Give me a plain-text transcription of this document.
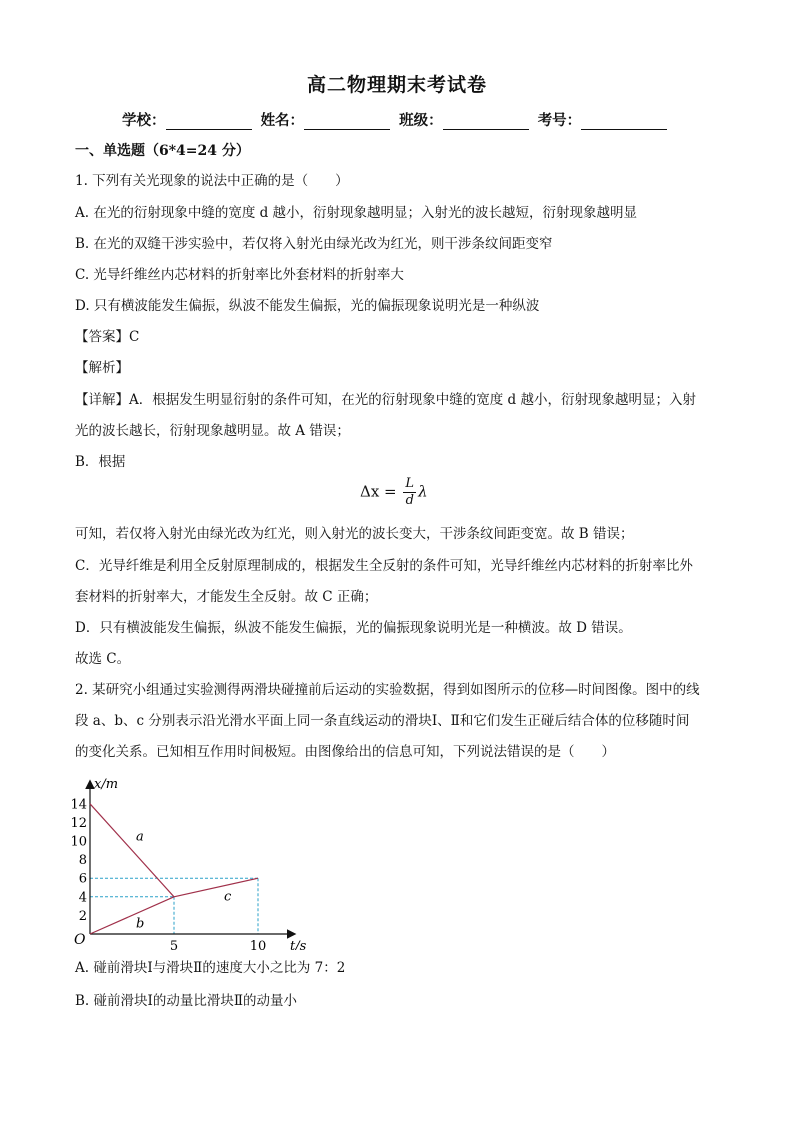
高二物理期末考试卷
学校：	姓名：	班级：	考号：
一、单选题（6*4=24 分）
1. 下列有关光现象的说法中正确的是（　　）
A. 在光的衍射现象中缝的宽度 d 越小，衍射现象越明显；入射光的波长越短，衍射现象越明显
B. 在光的双缝干涉实验中，若仅将入射光由绿光改为红光，则干涉条纹间距变窄
C. 光导纤维丝内芯材料的折射率比外套材料的折射率大
D. 只有横波能发生偏振，纵波不能发生偏振，光的偏振现象说明光是一种纵波
【答案】C
【解析】
【详解】A．根据发生明显衍射的条件可知，在光的衍射现象中缝的宽度 d 越小，衍射现象越明显；入射
光的波长越长，衍射现象越明显。故 A 错误；
B．根据
$\Delta x = \frac{L}{d}$ λ
可知，若仅将入射光由绿光改为红光，则入射光的波长变大，干涉条纹间距变宽。故 B 错误；
C．光导纤维是利用全反射原理制成的，根据发生全反射的条件可知，光导纤维丝内芯材料的折射率比外
套材料的折射率大，才能发生全反射。故 C 正确；
D．只有横波能发生偏振，纵波不能发生偏振，光的偏振现象说明光是一种横波。故 D 错误。
故选 C。
2. 某研究小组通过实验测得两滑块碰撞前后运动的实验数据，得到如图所示的位移—时间图像。图中的线
段 a、b、c 分别表示沿光滑水平面上同一条直线运动的滑块Ⅰ、Ⅱ和它们发生正碰后结合体的位移随时间
的变化关系。已知相互作用时间极短。由图像给出的信息可知，下列说法错误的是（　　）
2
4
6
8
10
12
14
5	10
a
b
c
x/m
t/s
O
A. 碰前滑块Ⅰ与滑块Ⅱ的速度大小之比为 7：2
B. 碰前滑块Ⅰ的动量比滑块Ⅱ的动量小
